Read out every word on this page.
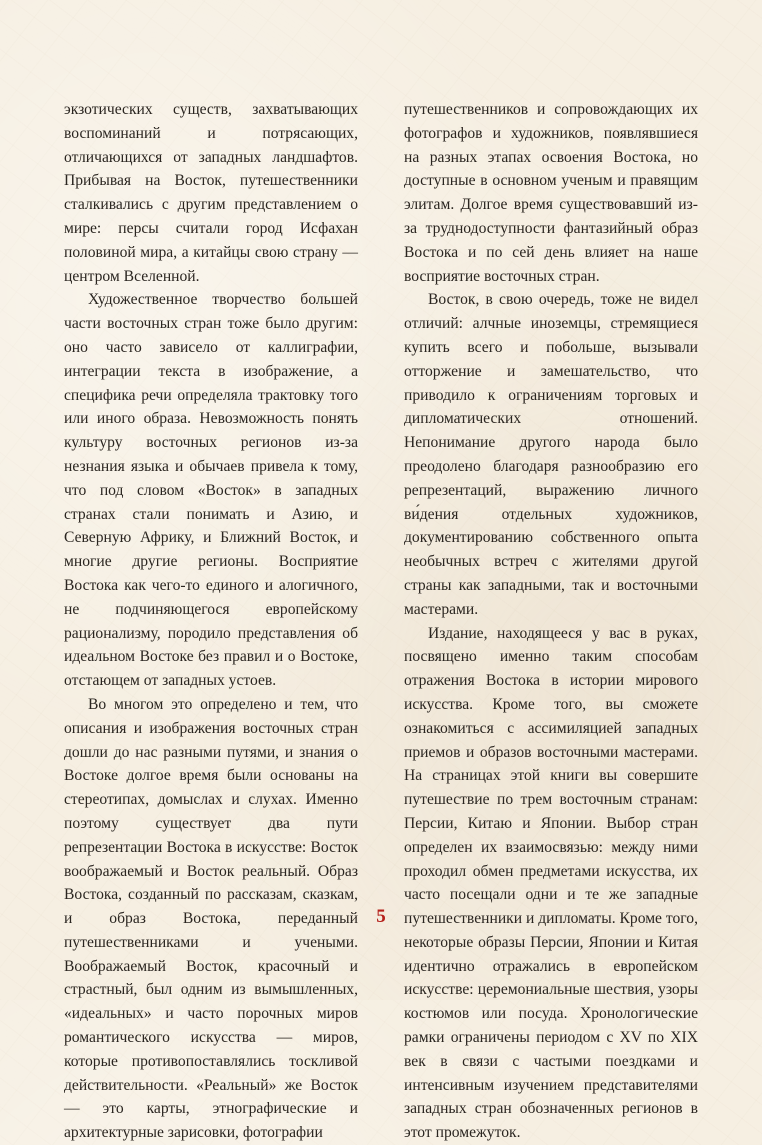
экзотических существ, захватывающих воспоминаний и потрясающих, отличающихся от западных ландшафтов. Прибывая на Восток, путешественники сталкивались с другим представлением о мире: персы считали город Исфахан половиной мира, а китайцы свою страну — центром Вселенной.

Художественное творчество большей части восточных стран тоже было другим: оно часто зависело от каллиграфии, интеграции текста в изображение, а специфика речи определяла трактовку того или иного образа. Невозможность понять культуру восточных регионов из-за незнания языка и обычаев привела к тому, что под словом «Восток» в западных странах стали понимать и Азию, и Северную Африку, и Ближний Восток, и многие другие регионы. Восприятие Востока как чего-то единого и алогичного, не подчиняющегося европейскому рационализму, породило представления об идеальном Востоке без правил и о Востоке, отстающем от западных устоев.

Во многом это определено и тем, что описания и изображения восточных стран дошли до нас разными путями, и знания о Востоке долгое время были основаны на стереотипах, домыслах и слухах. Именно поэтому существует два пути репрезентации Востока в искусстве: Восток воображаемый и Восток реальный. Образ Востока, созданный по рассказам, сказкам, и образ Востока, переданный путешественниками и учеными. Воображаемый Восток, красочный и страстный, был одним из вымышленных, «идеальных» и часто порочных миров романтического искусства — миров, которые противопоставлялись тоскливой действительности. «Реальный» же Восток — это карты, этнографические и архитектурные зарисовки, фотографии

путешественников и сопровождающих их фотографов и художников, появлявшиеся на разных этапах освоения Востока, но доступные в основном ученым и правящим элитам. Долгое время существовавший из-за труднодоступности фантазийный образ Востока и по сей день влияет на наше восприятие восточных стран.

Восток, в свою очередь, тоже не видел отличий: алчные иноземцы, стремящиеся купить всего и побольше, вызывали отторжение и замешательство, что приводило к ограничениям торговых и дипломатических отношений. Непонимание другого народа было преодолено благодаря разнообразию его репрезентаций, выражению личного ви́дения отдельных художников, документированию собственного опыта необычных встреч с жителями другой страны как западными, так и восточными мастерами.

Издание, находящееся у вас в руках, посвящено именно таким способам отражения Востока в истории мирового искусства. Кроме того, вы сможете ознакомиться с ассимиляцией западных приемов и образов восточными мастерами. На страницах этой книги вы совершите путешествие по трем восточным странам: Персии, Китаю и Японии. Выбор стран определен их взаимосвязью: между ними проходил обмен предметами искусства, их часто посещали одни и те же западные путешественники и дипломаты. Кроме того, некоторые образы Персии, Японии и Китая идентично отражались в европейском искусстве: церемониальные шествия, узоры костюмов или посуда. Хронологические рамки ограничены периодом с XV по XIX век в связи с частыми поездками и интенсивным изучением представителями западных стран обозначенных регионов в этот промежуток.

5
